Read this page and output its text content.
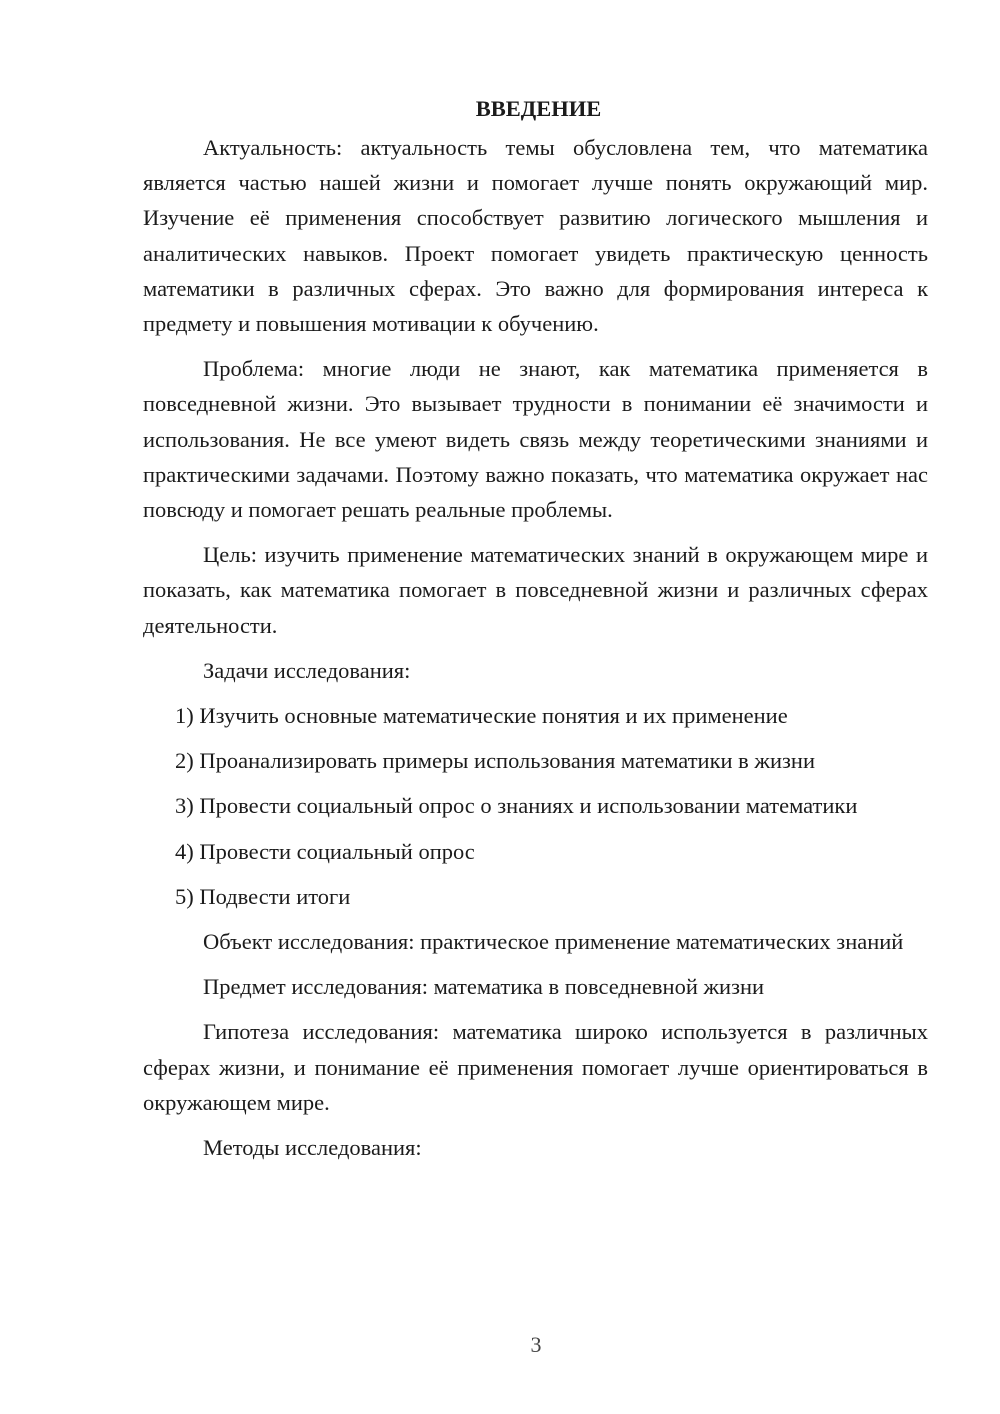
ВВЕДЕНИЕ

Актуальность: актуальность темы обусловлена тем, что математика является частью нашей жизни и помогает лучше понять окружающий мир. Изучение её применения способствует развитию логического мышления и аналитических навыков. Проект помогает увидеть практическую ценность математики в различных сферах. Это важно для формирования интереса к предмету и повышения мотивации к обучению.

Проблема: многие люди не знают, как математика применяется в повседневной жизни. Это вызывает трудности в понимании её значимости и использования. Не все умеют видеть связь между теоретическими знаниями и практическими задачами. Поэтому важно показать, что математика окружает нас повсюду и помогает решать реальные проблемы.

Цель: изучить применение математических знаний в окружающем мире и показать, как математика помогает в повседневной жизни и различных сферах деятельности.

Задачи исследования:

1) Изучить основные математические понятия и их применение

2) Проанализировать примеры использования математики в жизни

3) Провести социальный опрос о знаниях и использовании математики

4) Провести социальный опрос

5) Подвести итоги

Объект исследования: практическое применение математических знаний

Предмет исследования: математика в повседневной жизни

Гипотеза исследования: математика широко используется в различных сферах жизни, и понимание её применения помогает лучше ориентироваться в окружающем мире.

Методы исследования:

3
